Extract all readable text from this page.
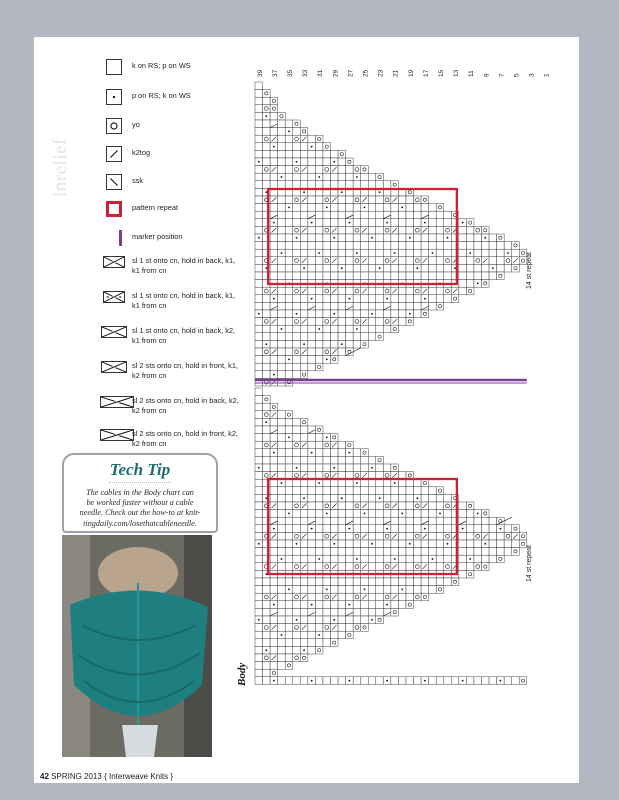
inrelief
k on RS; p on WS
p on RS; k on WS
yo
k2tog
ssk
pattern repeat
marker position
sl 1 st onto cn, hold in back, k1, k1 from cn
sl 1 st onto cn, hold in back, k1, k1 from cn
sl 1 st onto cn, hold in back, k2, k1 from cn
sl 2 sts onto cn, hold in front, k1, k2 from cn
sl 2 sts onto cn, hold in back, k2, k2 from cn
sl 2 sts onto cn, hold in front, k2, k2 from cn
Tech Tip
The cables in the Body chart can
be worked faster without a cable
needle. Check out the how-to at knit-
tingdaily.com/losethatcableneedle.
39 37 35 33 31 29 27 25 23 21 19 17 15 13 11 9 7 5 3 1
Body
14 st repeat
14 st repeat
42 SPRING 2013 { Interweave Knits }
